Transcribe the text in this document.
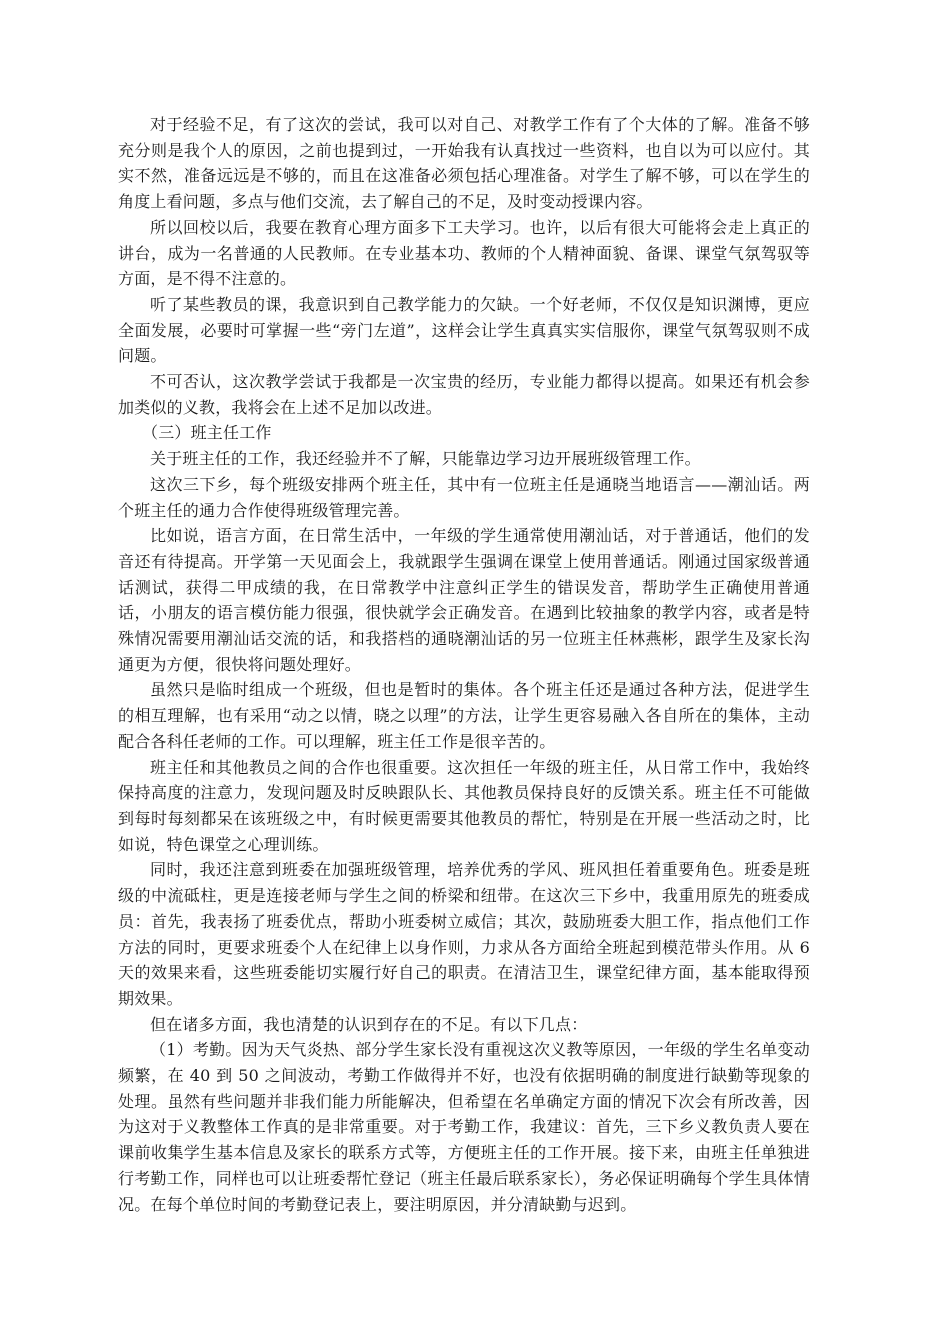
对于经验不足，有了这次的尝试，我可以对自己、对教学工作有了个大体的了解。准备不够充分则是我个人的原因，之前也提到过，一开始我有认真找过一些资料，也自以为可以应付。其实不然，准备远远是不够的，而且在这准备必须包括心理准备。对学生了解不够，可以在学生的角度上看问题，多点与他们交流，去了解自己的不足，及时变动授课内容。

所以回校以后，我要在教育心理方面多下工夫学习。也许，以后有很大可能将会走上真正的讲台，成为一名普通的人民教师。在专业基本功、教师的个人精神面貌、备课、课堂气氛驾驭等方面，是不得不注意的。

听了某些教员的课，我意识到自己教学能力的欠缺。一个好老师，不仅仅是知识渊博，更应全面发展，必要时可掌握一些“旁门左道”，这样会让学生真真实实信服你，课堂气氛驾驭则不成问题。

不可否认，这次教学尝试于我都是一次宝贵的经历，专业能力都得以提高。如果还有机会参加类似的义教，我将会在上述不足加以改进。

（三）班主任工作

关于班主任的工作，我还经验并不了解，只能靠边学习边开展班级管理工作。

这次三下乡，每个班级安排两个班主任，其中有一位班主任是通晓当地语言——潮汕话。两个班主任的通力合作使得班级管理完善。

比如说，语言方面，在日常生活中，一年级的学生通常使用潮汕话，对于普通话，他们的发音还有待提高。开学第一天见面会上，我就跟学生强调在课堂上使用普通话。刚通过国家级普通话测试，获得二甲成绩的我，在日常教学中注意纠正学生的错误发音，帮助学生正确使用普通话，小朋友的语言模仿能力很强，很快就学会正确发音。在遇到比较抽象的教学内容，或者是特殊情况需要用潮汕话交流的话，和我搭档的通晓潮汕话的另一位班主任林燕彬，跟学生及家长沟通更为方便，很快将问题处理好。

虽然只是临时组成一个班级，但也是暂时的集体。各个班主任还是通过各种方法，促进学生的相互理解，也有采用“动之以情，晓之以理”的方法，让学生更容易融入各自所在的集体，主动配合各科任老师的工作。可以理解，班主任工作是很辛苦的。

班主任和其他教员之间的合作也很重要。这次担任一年级的班主任，从日常工作中，我始终保持高度的注意力，发现问题及时反映跟队长、其他教员保持良好的反馈关系。班主任不可能做到每时每刻都呆在该班级之中，有时候更需要其他教员的帮忙，特别是在开展一些活动之时，比如说，特色课堂之心理训练。

同时，我还注意到班委在加强班级管理，培养优秀的学风、班风担任着重要角色。班委是班级的中流砥柱，更是连接老师与学生之间的桥梁和纽带。在这次三下乡中，我重用原先的班委成员：首先，我表扬了班委优点，帮助小班委树立威信；其次，鼓励班委大胆工作，指点他们工作方法的同时，更要求班委个人在纪律上以身作则，力求从各方面给全班起到模范带头作用。从 6 天的效果来看，这些班委能切实履行好自己的职责。在清洁卫生，课堂纪律方面，基本能取得预期效果。

但在诸多方面，我也清楚的认识到存在的不足。有以下几点：

（1）考勤。因为天气炎热、部分学生家长没有重视这次义教等原因，一年级的学生名单变动频繁，在 40 到 50 之间波动，考勤工作做得并不好，也没有依据明确的制度进行缺勤等现象的处理。虽然有些问题并非我们能力所能解决，但希望在名单确定方面的情况下次会有所改善，因为这对于义教整体工作真的是非常重要。对于考勤工作，我建议：首先，三下乡义教负责人要在课前收集学生基本信息及家长的联系方式等，方便班主任的工作开展。接下来，由班主任单独进行考勤工作，同样也可以让班委帮忙登记（班主任最后联系家长），务必保证明确每个学生具体情况。在每个单位时间的考勤登记表上，要注明原因，并分清缺勤与迟到。
